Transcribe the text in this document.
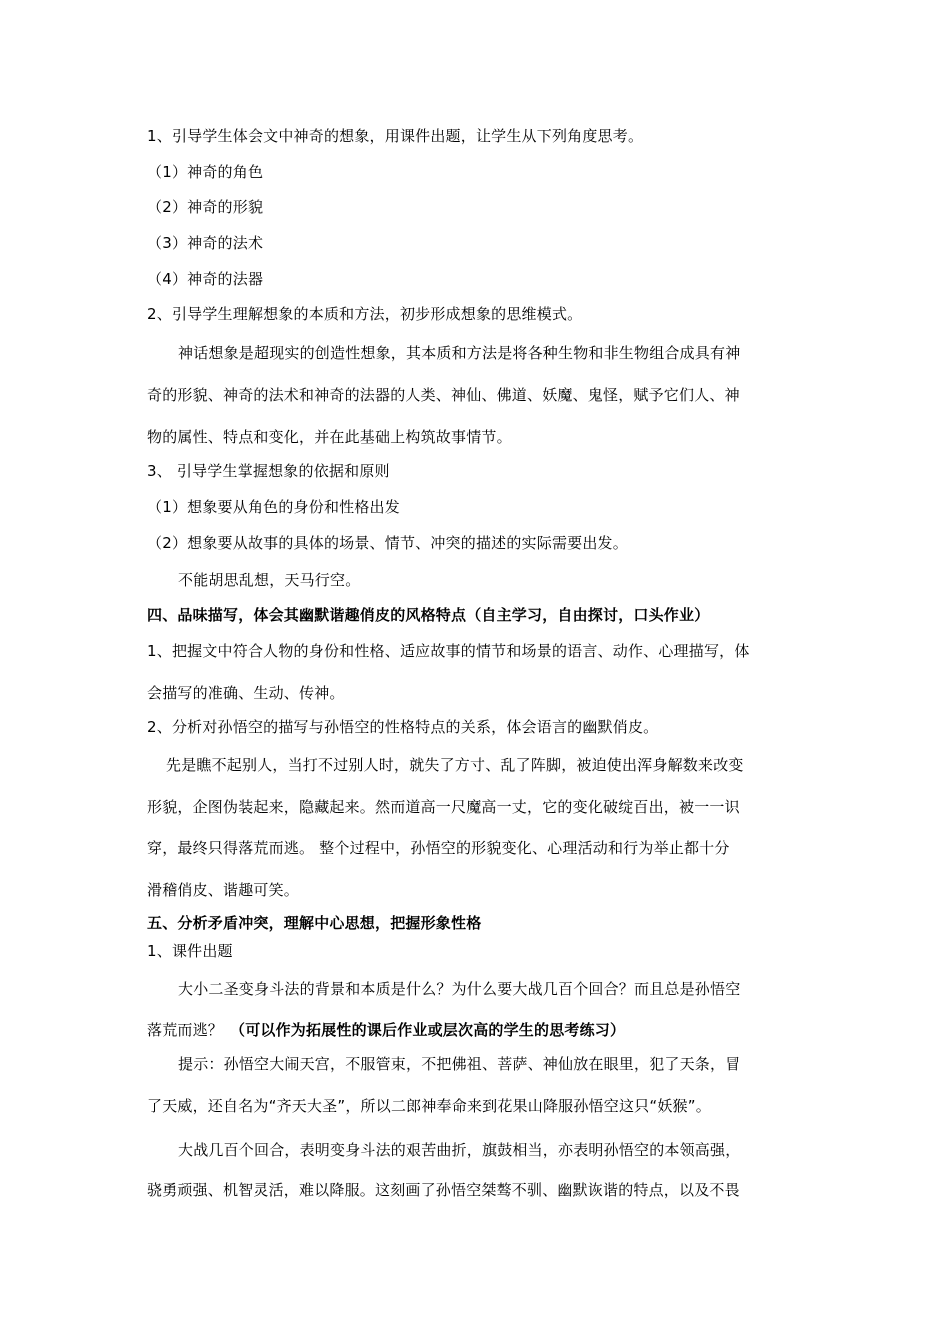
1、引导学生体会文中神奇的想象，用课件出题，让学生从下列角度思考。
（1）神奇的角色
（2）神奇的形貌
（3）神奇的法术
（4）神奇的法器
2、引导学生理解想象的本质和方法，初步形成想象的思维模式。
神话想象是超现实的创造性想象，其本质和方法是将各种生物和非生物组合成具有神
奇的形貌、神奇的法术和神奇的法器的人类、神仙、佛道、妖魔、鬼怪，赋予它们人、神
物的属性、特点和变化，并在此基础上构筑故事情节。
3、 引导学生掌握想象的依据和原则
（1）想象要从角色的身份和性格出发
（2）想象要从故事的具体的场景、情节、冲突的描述的实际需要出发。
不能胡思乱想，天马行空。
四、品味描写，体会其幽默谐趣俏皮的风格特点（自主学习，自由探讨，口头作业）
1、把握文中符合人物的身份和性格、适应故事的情节和场景的语言、动作、心理描写，体
会描写的准确、生动、传神。
2、分析对孙悟空的描写与孙悟空的性格特点的关系，体会语言的幽默俏皮。
先是瞧不起别人，当打不过别人时，就失了方寸、乱了阵脚，被迫使出浑身解数来改变
形貌，企图伪装起来，隐藏起来。然而道高一尺魔高一丈，它的变化破绽百出，被一一识
穿，最终只得落荒而逃。 整个过程中，孙悟空的形貌变化、心理活动和行为举止都十分
滑稽俏皮、谐趣可笑。
五、分析矛盾冲突，理解中心思想，把握形象性格
1、课件出题
大小二圣变身斗法的背景和本质是什么？为什么要大战几百个回合？而且总是孙悟空
落荒而逃？ （可以作为拓展性的课后作业或层次高的学生的思考练习）
提示：孙悟空大闹天宫，不服管束，不把佛祖、菩萨、神仙放在眼里，犯了天条，冒
了天威，还自名为“齐天大圣”，所以二郎神奉命来到花果山降服孙悟空这只“妖猴”。
大战几百个回合，表明变身斗法的艰苦曲折，旗鼓相当，亦表明孙悟空的本领高强，
骁勇顽强、机智灵活，难以降服。这刻画了孙悟空桀骜不驯、幽默诙谐的特点，以及不畏
